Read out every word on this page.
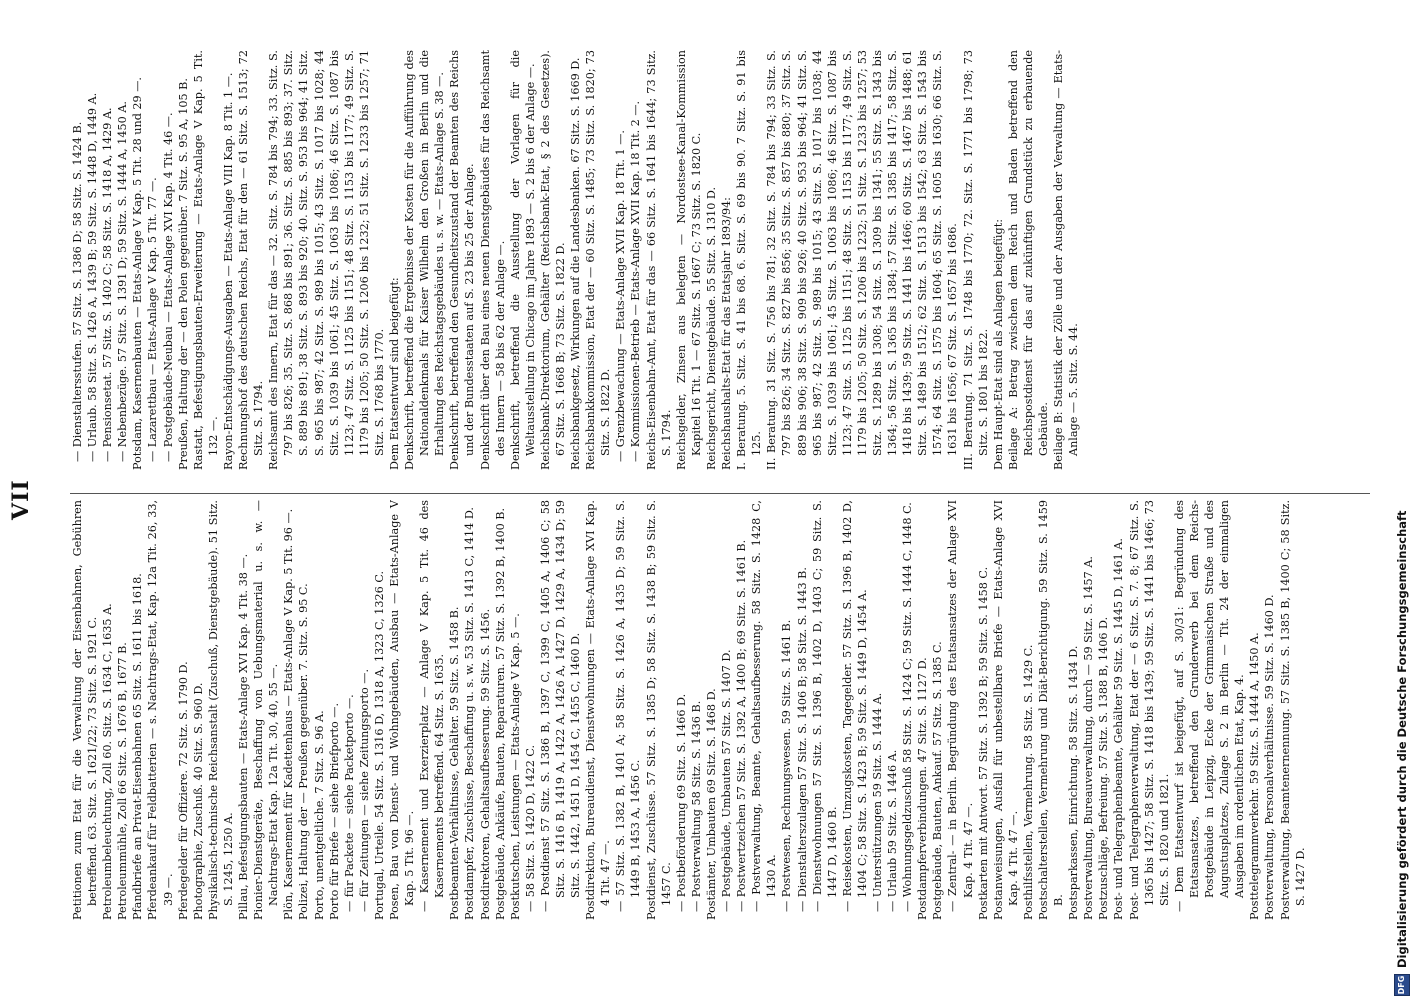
VII

Petitionen zum Etat für die Verwaltung der Eisenbahnen, Gebühren betreffend. 63. Sitz. S. 1621/22; 73 Sitz. S. 1921 C. Petroleumbeleuchtung, Zoll 60. Sitz. S. 1634 C, 1635 A. Petroleummühle, Zoll 66 Sitz. S. 1676 B, 1677 B. Pfandbriefe an Privat-Eisenbahnen 65 Sitz. S. 1611 bis 1618. Pferdeankauf für Feldbatterien — s. Nachtrags-Etat, Kap. 12a Tit. 26, 33, 39 —. Pferdegelder für Offiziere. 72 Sitz. S. 1790 D. Photographie, Zuschuß. 40 Sitz. S. 960 D. Physikalisch-technische Reichsanstalt (Zuschuß, Dienstgebäude). 51 Sitz. S. 1245, 1250 A. Pillau, Befestigungsbauten — Etats-Anlage XVI Kap. 4 Tit. 38 —. Pionier-Dienstgeräte, Beschaffung von Uebungsmaterial u. s. w. — Nachtrags-Etat Kap. 12a Tit. 30, 40, 55 —. Plön, Kasernement für Kadettenhaus — Etats-Anlage V Kap. 5 Tit. 96 —. Polizei, Haltung der — Preußen gegenüber. 7. Sitz. S. 95 C. Porto, unentgeltliche. 7 Sitz. S. 96 A. Porto für Briefe — siehe Briefporto —. — für Packete — siehe Packetporto —. — für Zeitungen — siehe Zeitungsporto —. Portugal, Urteile. 54 Sitz. S. 1316 D, 1318 A, 1323 C, 1326 C. Posen, Bau von Dienst- und Wohngebäuden, Ausbau — Etats-Anlage V Kap. 5 Tit. 96 —. — Kasernement und Exerzierplatz — Anlage V Kap. 5 Tit. 46 des Kasernements betreffend. 64 Sitz. S. 1635. Postbeamten-Verhältnisse, Gehälter. 59 Sitz. S. 1458 B. Postdampfer, Zuschüsse, Beschaffung u. s. w. 53 Sitz. S. 1413 C, 1414 D. Postdirektoren, Gehaltsaufbesserung. 59 Sitz. S. 1456. Postgebäude, Ankäufe, Bauten, Reparaturen. 57 Sitz. S. 1392 B, 1400 B. Postkutschen, Leistungen — Etats-Anlage V Kap. 5 —. — 58 Sitz. S. 1420 D, 1422 C. — Postdienst 57 Sitz. S. 1386 B, 1397 C, 1399 C, 1405 A, 1406 C; 58 Sitz. S. 1416 B, 1419 A, 1422 A, 1426 A, 1427 D, 1429 A, 1434 D; 59 Sitz. S. 1442, 1451 D, 1454 C, 1455 C, 1460 D. Postdirektion, Bureaudienst, Dienstwohnungen — Etats-Anlage XVI Kap. 4 Tit. 47 —. — 57 Sitz. S. 1382 B, 1401 A; 58 Sitz. S. 1426 A, 1435 D; 59 Sitz. S. 1449 B, 1453 A, 1456 C. Postdienst, Zuschüsse. 57 Sitz. S. 1385 D; 58 Sitz. S. 1438 B; 59 Sitz. S. 1457 C. — Postbeförderung 69 Sitz. S. 1466 D. — Postverwaltung 58 Sitz. S. 1436 B. Postämter, Umbauten 69 Sitz. S. 1468 D. — Postgebäude, Umbauten 57 Sitz. S. 1407 D. — Postwertzeichen 57 Sitz. S. 1392 A, 1400 B; 69 Sitz. S. 1461 B. — Postverwaltung, Beamte, Gehaltsaufbesserung. 58 Sitz. S. 1428 C, 1430 A. — Postwesen, Rechnungswesen. 59 Sitz. S. 1461 B. — Dienstalterszulagen 57 Sitz. S. 1406 B; 58 Sitz. S. 1443 B. — Dienstwohnungen 57 Sitz. S. 1396 B, 1402 D, 1403 C; 59 Sitz. S. 1447 D, 1460 B. — Reisekosten, Umzugskosten, Tagegelder. 57 Sitz. S. 1396 B, 1402 D, 1404 C; 58 Sitz. S. 1423 B; 59 Sitz. S. 1449 D, 1454 A. — Unterstützungen 59 Sitz. S. 1444 A. — Urlaub 59 Sitz. S. 1446 A. — Wohnungsgeldzuschuß 58 Sitz. S. 1424 C; 59 Sitz. S. 1444 C, 1448 C. Postdampferverbindungen. 47 Sitz. S. 1127 D. Postgebäude, Bauten, Ankauf. 57 Sitz. S. 1385 C. — Zentral- — in Berlin. Begründung des Etatsansatzes der Anlage XVI Kap. 4 Tit. 47 —. Postkarten mit Antwort. 57 Sitz. S. 1392 B; 59 Sitz. S. 1458 C. Postanweisungen, Ausfall für unbestellbare Briefe — Etats-Anlage XVI Kap. 4 Tit. 47 —. Posthilfsstellen, Vermehrung. 58 Sitz. S. 1429 C. Postschalterstellen, Vermehrung und Diät-Berichtigung. 59 Sitz. S. 1459 B. Postsparkassen, Einrichtung. 58 Sitz. S. 1434 D. Postverwaltung, Bureauverwaltung, durch — 59 Sitz. S. 1457 A. Postzuschläge, Befreiung. 57 Sitz. S. 1388 B, 1406 D. Post- und Telegraphenbeamte, Gehälter 59 Sitz. S. 1445 D, 1461 A. Post- und Telegraphenverwaltung, Etat der — 6 Sitz. S. 7. 8; 67 Sitz. S. 1365 bis 1427; 58 Sitz. S. 1418 bis 1439; 59 Sitz. S. 1441 bis 1466; 73 Sitz. S. 1820 und 1821. — Dem Etatsentwurf ist beigefügt, auf S. 30/31: Begründung des Etatsansatzes, betreffend den Grunderwerb bei dem Reichs-Postgebäude in Leipzig, Ecke der Grimmaischen Straße und des Augustusplatzes, Zulage S. 2 in Berlin — Tit. 24 der einmaligen Ausgaben im ordentlichen Etat, Kap. 4. Posttelegrammverkehr. 59 Sitz. S. 1444 A, 1450 A. Postverwaltung, Personalverhältnisse. 59 Sitz. S. 1460 D. Postverwaltung, Beamtenernennung. 57 Sitz. S. 1385 B, 1400 C; 58 Sitz. S. 1427 D.

— Dienstaltersstufen. 57 Sitz. S. 1386 D; 58 Sitz. S. 1424 B. — Urlaub. 58 Sitz. S. 1426 A, 1439 B; 59 Sitz. S. 1448 D, 1449 A. — Pensionsetat. 57 Sitz. S. 1402 C; 58 Sitz. S. 1418 A, 1429 A. — Nebenbezüge. 57 Sitz. S. 1391 D; 59 Sitz. S. 1444 A, 1450 A. Potsdam, Kasernenbauten — Etats-Anlage V Kap. 5 Tit. 28 und 29 —. — Lazarettbau — Etats-Anlage V Kap. 5 Tit. 77 —. — Postgebäude-Neubau — Etats-Anlage XVI Kap. 4 Tit. 46 —. Preußen, Haltung der — den Polen gegenüber. 7 Sitz. S. 95 A, 105 B. Rastatt, Befestigungsbauten-Erweiterung — Etats-Anlage V Kap. 5 Tit. 132 —. Rayon-Entschädigungs-Ausgaben — Etats-Anlage VIII Kap. 8 Tit. 1 —. Rechnungshof des deutschen Reichs, Etat für den — 61 Sitz. S. 1513; 72 Sitz. S. 1794. Reichsamt des Innern, Etat für das — 32. Sitz. S. 784 bis 794; 33. Sitz. S. 797 bis 826; 35. Sitz. S. 868 bis 891; 36. Sitz. S. 885 bis 893; 37. Sitz. S. 889 bis 891; 38 Sitz. S. 893 bis 920; 40. Sitz. S. 953 bis 964; 41 Sitz. S. 965 bis 987; 42 Sitz. S. 989 bis 1015; 43 Sitz. S. 1017 bis 1028; 44 Sitz. S. 1039 bis 1061; 45 Sitz. S. 1063 bis 1086; 46 Sitz. S. 1087 bis 1123; 47 Sitz. S. 1125 bis 1151; 48 Sitz. S. 1153 bis 1177; 49 Sitz. S. 1179 bis 1205; 50 Sitz. S. 1206 bis 1232; 51 Sitz. S. 1233 bis 1257; 71 Sitz. S. 1768 bis 1770. Dem Etatsentwurf sind beigefügt: Denkschrift, betreffend die Ergebnisse der Kosten für die Aufführung des Nationaldenkmals für Kaiser Wilhelm den Großen in Berlin und die Erhaltung des Reichstagsgebäudes u. s. w. — Etats-Anlage S. 38 —. Denkschrift, betreffend den Gesundheitszustand der Beamten des Reichs und der Bundesstaaten auf S. 23 bis 25 der Anlage. Denkschrift über den Bau eines neuen Dienstgebäudes für das Reichsamt des Innern — 58 bis 62 der Anlage —. Denkschrift, betreffend die Ausstellung der Vorlagen für die Weltausstellung in Chicago im Jahre 1893 — S. 2 bis 6 der Anlage —. Reichsbank-Direktorium, Gehälter (Reichsbank-Etat, § 2 des Gesetzes). 67 Sitz. S. 1668 B; 73 Sitz. S. 1822 D. Reichsbankgesetz, Wirkungen auf die Landesbanken. 67 Sitz. S. 1669 D. Reichsbankkommission, Etat der — 60 Sitz. S. 1485; 73 Sitz. S. 1820; 73 Sitz. S. 1822 D. — Grenzbewachung — Etats-Anlage XVII Kap. 18 Tit. 1 —. — Kommissionen-Betrieb — Etats-Anlage XVII Kap. 18 Tit. 2 —. Reichs-Eisenbahn-Amt, Etat für das — 66 Sitz. S. 1641 bis 1644; 73 Sitz. S. 1794. Reichsgelder, Zinsen aus belegten — Nordostsee-Kanal-Kommission Kapitel 16 Tit. 1 — 67 Sitz. S. 1667 C; 73 Sitz. S. 1820 C. Reichsgericht, Dienstgebäude. 55 Sitz. S. 1310 D. Reichshaushalts-Etat für das Etatsjahr 1893/94: I. Beratung. 5. Sitz. S. 41 bis 68. 6. Sitz. S. 69 bis 90. 7 Sitz. S. 91 bis 125. II. Beratung. 31 Sitz. S. 756 bis 781; 32 Sitz. S. 784 bis 794; 33 Sitz. S. 797 bis 826; 34 Sitz. S. 827 bis 856; 35 Sitz. S. 857 bis 880; 37 Sitz. S. 889 bis 906; 38 Sitz. S. 909 bis 926; 40 Sitz. S. 953 bis 964; 41 Sitz. S. 965 bis 987; 42 Sitz. S. 989 bis 1015; 43 Sitz. S. 1017 bis 1038; 44 Sitz. S. 1039 bis 1061; 45 Sitz. S. 1063 bis 1086; 46 Sitz. S. 1087 bis 1123; 47 Sitz. S. 1125 bis 1151; 48 Sitz. S. 1153 bis 1177; 49 Sitz. S. 1179 bis 1205; 50 Sitz. S. 1206 bis 1232; 51 Sitz. S. 1233 bis 1257; 53 Sitz. S. 1289 bis 1308; 54 Sitz. S. 1309 bis 1341; 55 Sitz. S. 1343 bis 1364; 56 Sitz. S. 1365 bis 1384; 57 Sitz. S. 1385 bis 1417; 58 Sitz. S. 1418 bis 1439; 59 Sitz. S. 1441 bis 1466; 60 Sitz. S. 1467 bis 1488; 61 Sitz. S. 1489 bis 1512; 62 Sitz. S. 1513 bis 1542; 63 Sitz. S. 1543 bis 1574; 64 Sitz. S. 1575 bis 1604; 65 Sitz. S. 1605 bis 1630; 66 Sitz. S. 1631 bis 1656; 67 Sitz. S. 1657 bis 1686. III. Beratung. 71 Sitz. S. 1748 bis 1770; 72. Sitz. S. 1771 bis 1798; 73 Sitz. S. 1801 bis 1822. Dem Haupt-Etat sind als Anlagen beigefügt: Beilage A: Betrag zwischen dem Reich und Baden betreffend den Reichspostdienst für das auf zukünftigen Grundstück zu erbauende Gebäude. Beilage B: Statistik der Zölle und der Ausgaben der Verwaltung — Etats-Anlage — 5. Sitz. S. 44.

DFG
Digitalisierung gefördert durch die Deutsche Forschungsgemeinschaft
